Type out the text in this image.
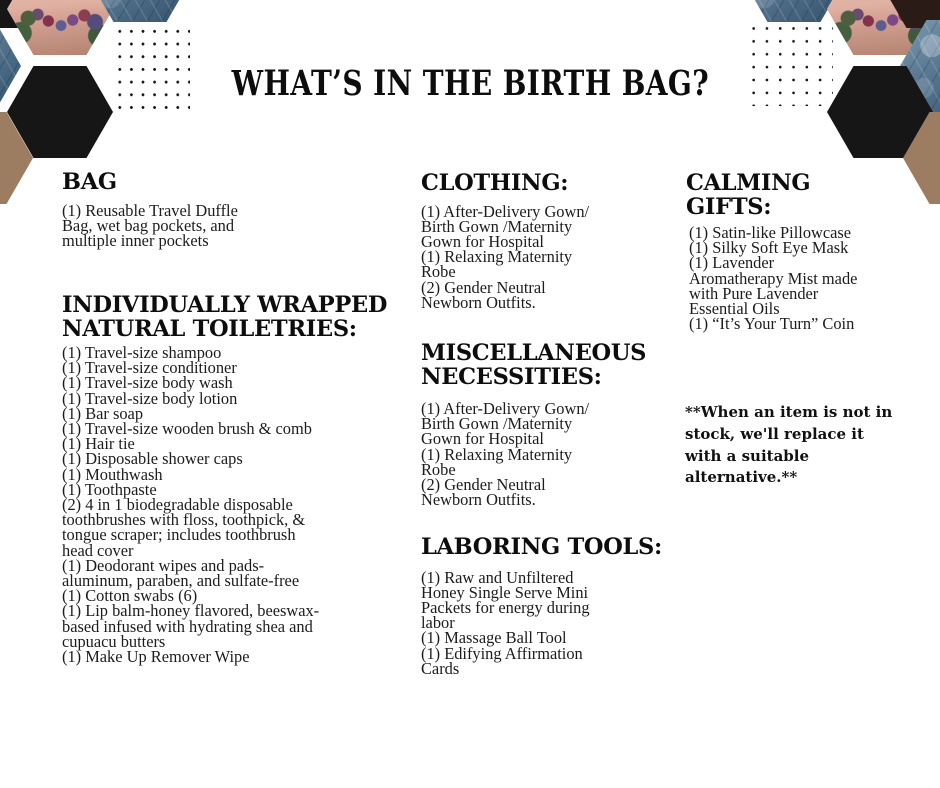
WHAT’S IN THE BIRTH BAG?
BAG
(1) Reusable Travel Duffle
Bag, wet bag pockets, and
multiple inner pockets
INDIVIDUALLY WRAPPED
NATURAL TOILETRIES:
(1) Travel-size shampoo
(1) Travel-size conditioner
(1) Travel-size body wash
(1) Travel-size body lotion
(1) Bar soap
(1) Travel-size wooden brush & comb
(1) Hair tie
(1) Disposable shower caps
(1) Mouthwash
(1) Toothpaste
(2) 4 in 1 biodegradable disposable
toothbrushes with floss, toothpick, &
tongue scraper; includes toothbrush
head cover
(1) Deodorant wipes and pads-
aluminum, paraben, and sulfate-free
(1) Cotton swabs (6)
(1) Lip balm-honey flavored, beeswax-
based infused with hydrating shea and
cupuacu butters
(1) Make Up Remover Wipe
CLOTHING:
(1) After-Delivery Gown/
Birth Gown /Maternity
Gown for Hospital
(1) Relaxing Maternity
Robe
(2) Gender Neutral
Newborn Outfits.
MISCELLANEOUS
NECESSITIES:
(1) After-Delivery Gown/
Birth Gown /Maternity
Gown for Hospital
(1) Relaxing Maternity
Robe
(2) Gender Neutral
Newborn Outfits.
LABORING TOOLS:
(1) Raw and Unfiltered
Honey Single Serve Mini
Packets for energy during
labor
(1) Massage Ball Tool
(1) Edifying Affirmation
Cards
CALMING
GIFTS:
(1) Satin-like Pillowcase
(1) Silky Soft Eye Mask
(1) Lavender
Aromatherapy Mist made
with Pure Lavender
Essential Oils
(1) “It’s Your Turn” Coin
**When an item is not in
stock, we'll replace it
with a suitable
alternative.**
